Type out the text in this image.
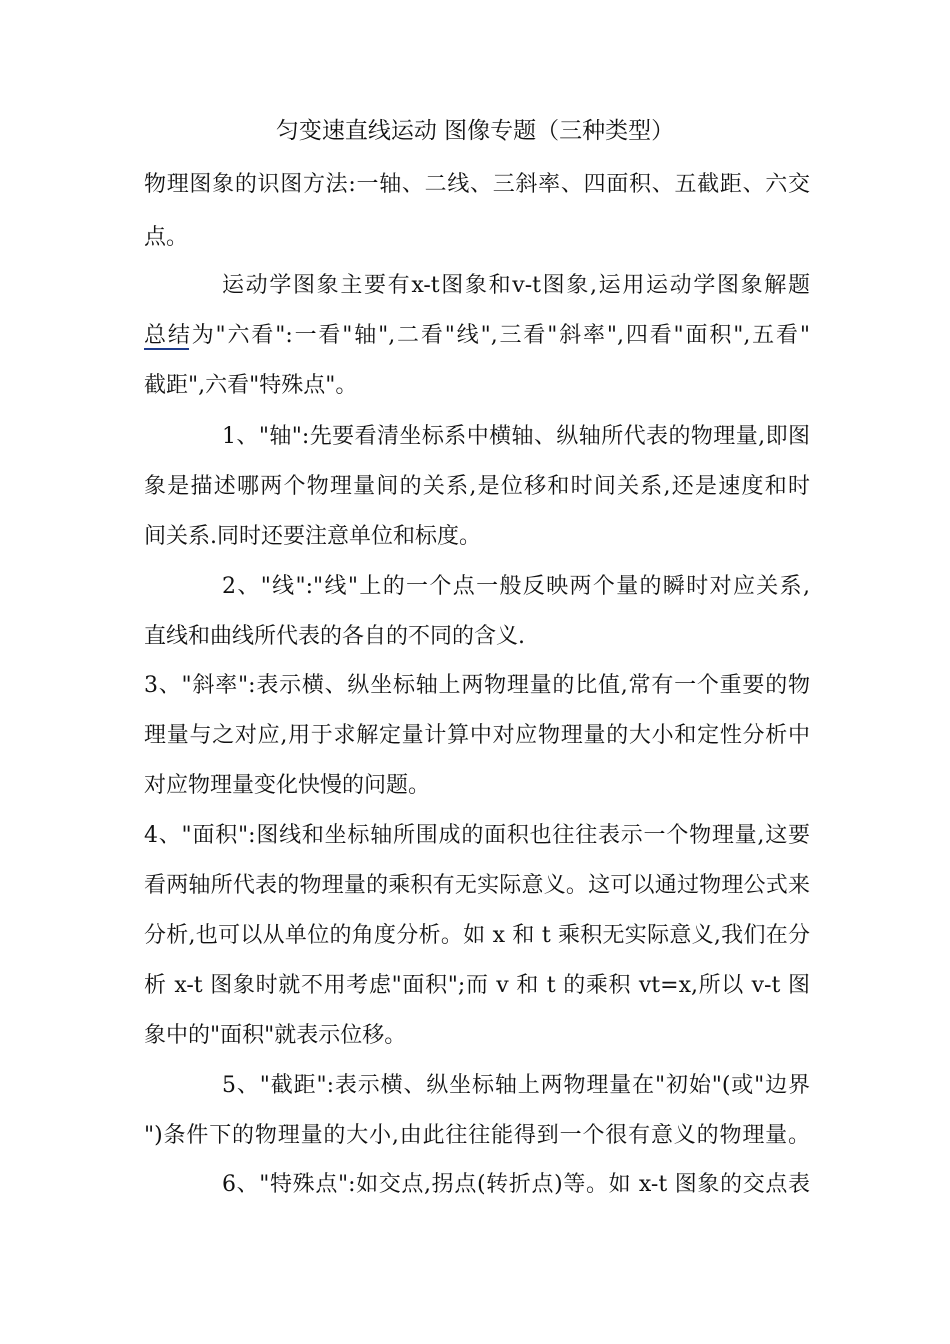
匀变速直线运动 图像专题（三种类型）
物理图象的识图方法:一轴、二线、三斜率、四面积、五截距、六交
点。
运动学图象主要有x-t图象和v-t图象,运用运动学图象解题
总结为"六看":一看"轴",二看"线",三看"斜率",四看"面积",五看"
截距",六看"特殊点"。
1、"轴":先要看清坐标系中横轴、纵轴所代表的物理量,即图
象是描述哪两个物理量间的关系,是位移和时间关系,还是速度和时
间关系.同时还要注意单位和标度。
2、"线":"线"上的一个点一般反映两个量的瞬时对应关系,
直线和曲线所代表的各自的不同的含义.
3、"斜率":表示横、纵坐标轴上两物理量的比值,常有一个重要的物
理量与之对应,用于求解定量计算中对应物理量的大小和定性分析中
对应物理量变化快慢的问题。
4、"面积":图线和坐标轴所围成的面积也往往表示一个物理量,这要
看两轴所代表的物理量的乘积有无实际意义。这可以通过物理公式来
分析,也可以从单位的角度分析。如 x 和 t 乘积无实际意义,我们在分
析 x-t 图象时就不用考虑"面积";而 v 和 t 的乘积 vt=x,所以 v-t 图
象中的"面积"就表示位移。
5、"截距":表示横、纵坐标轴上两物理量在"初始"(或"边界
")条件下的物理量的大小,由此往往能得到一个很有意义的物理量。
6、"特殊点":如交点,拐点(转折点)等。如 x-t 图象的交点表
